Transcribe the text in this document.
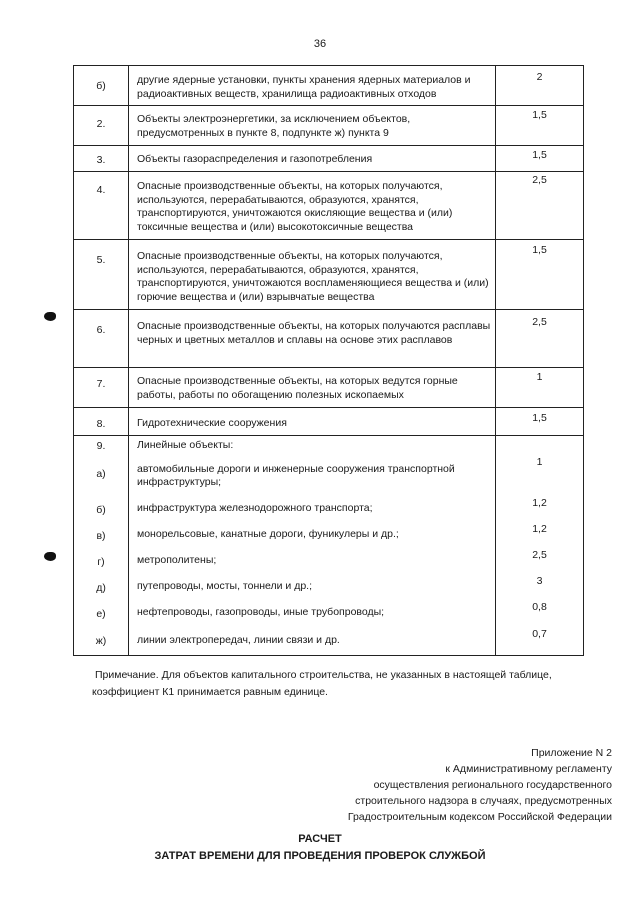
36
б)	другие ядерные установки, пункты хранения ядерных материалов и радиоактивных веществ, хранилища радиоактивных отходов	2

2.	Объекты электроэнергетики, за исключением объектов, предусмотренных в пункте 8, подпункте ж) пункта 9	1,5

3.	Объекты газораспределения и газопотребления	1,5

4.	Опасные производственные объекты, на которых получаются, используются, перерабатываются, образуются, хранятся, транспортируются, уничтожаются окисляющие вещества и (или) токсичные вещества и (или) высокотоксичные вещества	2,5

5.	Опасные производственные объекты, на которых получаются, используются, перерабатываются, образуются, хранятся, транспортируются, уничтожаются воспламеняющиеся вещества и (или) горючие вещества и (или) взрывчатые вещества	1,5

6.	Опасные производственные объекты, на которых получаются расплавы черных и цветных металлов и сплавы на основе этих расплавов	2,5

7.	Опасные производственные объекты, на которых ведутся горные работы, работы по обогащению полезных ископаемых	1

8.	Гидротехнические сооружения	1,5

9.	Линейные объекты:	

а)	автомобильные дороги и инженерные сооружения транспортной инфраструктуры;	1

б)	инфраструктура железнодорожного транспорта;	1,2

в)	монорельсовые, канатные дороги, фуникулеры и др.;	1,2

г)	метрополитены;	2,5

д)	путепроводы, мосты, тоннели и др.;	3

е)	нефтепроводы, газопроводы, иные трубопроводы;	0,8

ж)	линии электропередач, линии связи и др.	0,7
Примечание. Для объектов капитального строительства, не указанных в настоящей таблице,
коэффициент К1 принимается равным единице.
Приложение N 2
к Административному регламенту
осуществления регионального государственного
строительного надзора в случаях, предусмотренных
Градостроительным кодексом Российской Федерации
РАСЧЕТ
ЗАТРАТ ВРЕМЕНИ ДЛЯ ПРОВЕДЕНИЯ ПРОВЕРОК СЛУЖБОЙ
